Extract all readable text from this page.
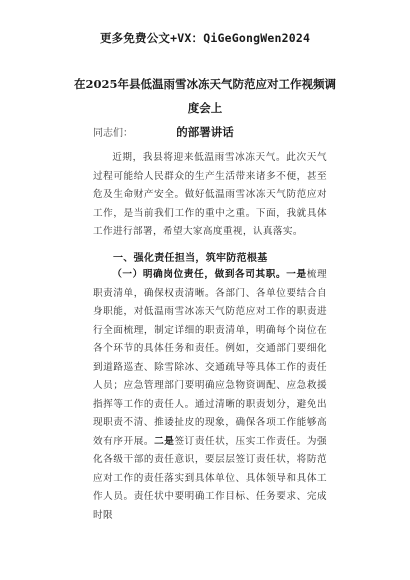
更多免费公文+VX：QiGeGongWen2024
在2025年县低温雨雪冰冻天气防范应对工作视频调度会上
的部署讲话
同志们：

近期，我县将迎来低温雨雪冰冻天气。此次天气过程可能给人民群众的生产生活带来诸多不便，甚至危及生命财产安全。做好低温雨雪冰冻天气防范应对工作，是当前我们工作的重中之重。下面，我就具体工作进行部署，希望大家高度重视，认真落实。

一、强化责任担当，筑牢防范根基

（一）明确岗位责任，做到各司其职。一是梳理职责清单，确保权责清晰。各部门、各单位要结合自身职能，对低温雨雪冰冻天气防范应对工作的职责进行全面梳理，制定详细的职责清单，明确每个岗位在各个环节的具体任务和责任。例如，交通部门要细化到道路巡查、除雪除冰、交通疏导等具体工作的责任人员；应急管理部门要明确应急物资调配、应急救援指挥等工作的责任人。通过清晰的职责划分，避免出现职责不清、推诿扯皮的现象，确保各项工作能够高效有序开展。二是签订责任状，压实工作责任。为强化各级干部的责任意识，要层层签订责任状，将防范应对工作的责任落实到具体单位、具体领导和具体工作人员。责任状中要明确工作目标、任务要求、完成时限
